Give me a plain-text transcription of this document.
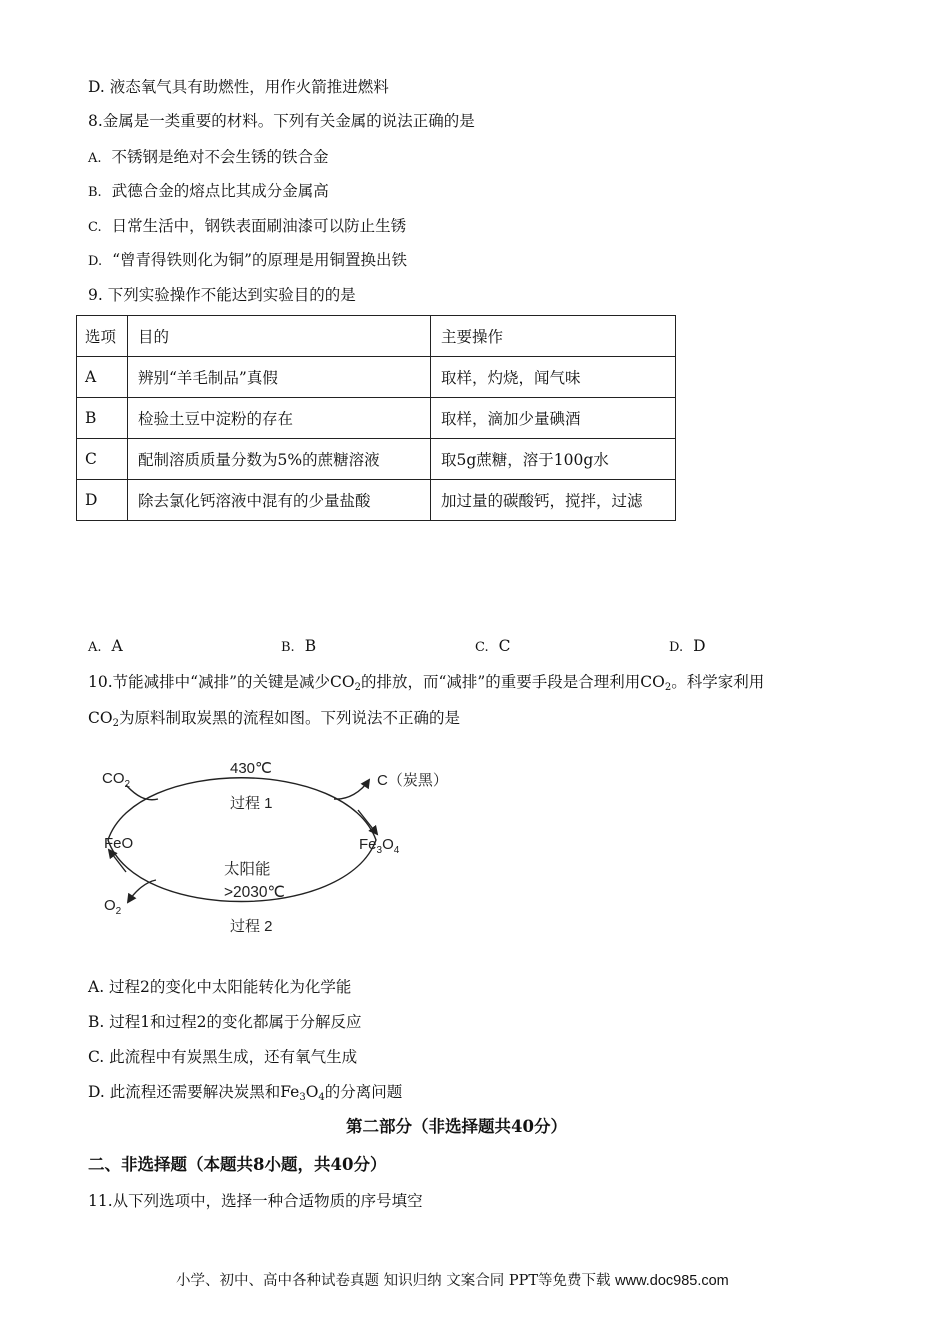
D. 液态氧气具有助燃性，用作火箭推进燃料
8.金属是一类重要的材料。下列有关金属的说法正确的是
A. 不锈钢是绝对不会生锈的铁合金
B. 武德合金的熔点比其成分金属高
C. 日常生活中，钢铁表面刷油漆可以防止生锈
D. “曾青得铁则化为铜”的原理是用铜置换出铁
9. 下列实验操作不能达到实验目的的是
选项	目的	主要操作
A	辨别“羊毛制品”真假	取样，灼烧，闻气味
B	检验土豆中淀粉的存在	取样，滴加少量碘酒
C	配制溶质质量分数为5%的蔗糖溶液	取5g蔗糖，溶于100g水
D	除去氯化钙溶液中混有的少量盐酸	加过量的碳酸钙，搅拌，过滤
A. A	B. B	C. C	D. D
10.节能减排中“减排”的关键是减少$CO_2$的排放，而“减排”的重要手段是合理利用$CO_2$。科学家利用
$CO_2$为原料制取炭黑的流程如图。下列说法不正确的是
$CO_2$
430℃
过程 1
C（炭黑）
FeO	$Fe_3O_4$
太阳能
>2030℃
$O_2$
过程 2
A. 过程2的变化中太阳能转化为化学能
B. 过程1和过程2的变化都属于分解反应
C. 此流程中有炭黑生成，还有氧气生成
D. 此流程还需要解决炭黑和$Fe_3O_4$的分离问题
第二部分（非选择题共40分）
二、非选择题（本题共8小题，共40分）
11.从下列选项中，选择一种合适物质的序号填空
小学、初中、高中各种试卷真题 知识归纳 文案合同 PPT等免费下载 www.doc985.com
